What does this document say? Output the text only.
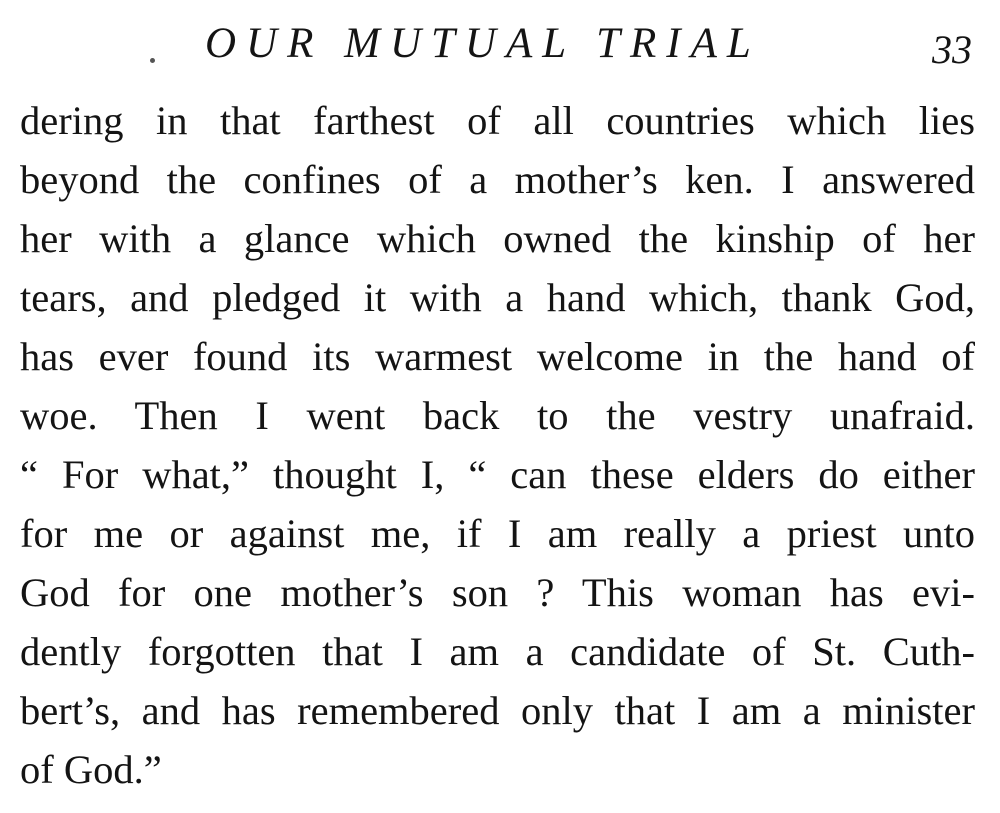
OUR MUTUAL TRIAL	33
dering in that farthest of all countries which lies
beyond the confines of a mother’s ken. I answered
her with a glance which owned the kinship of her
tears, and pledged it with a hand which, thank God,
has ever found its warmest welcome in the hand of
woe. Then I went back to the vestry unafraid.
“ For what,” thought I, “ can these elders do either
for me or against me, if I am really a priest unto
God for one mother’s son ? This woman has evi-
dently forgotten that I am a candidate of St. Cuth-
bert’s, and has remembered only that I am a minister
of God.”
